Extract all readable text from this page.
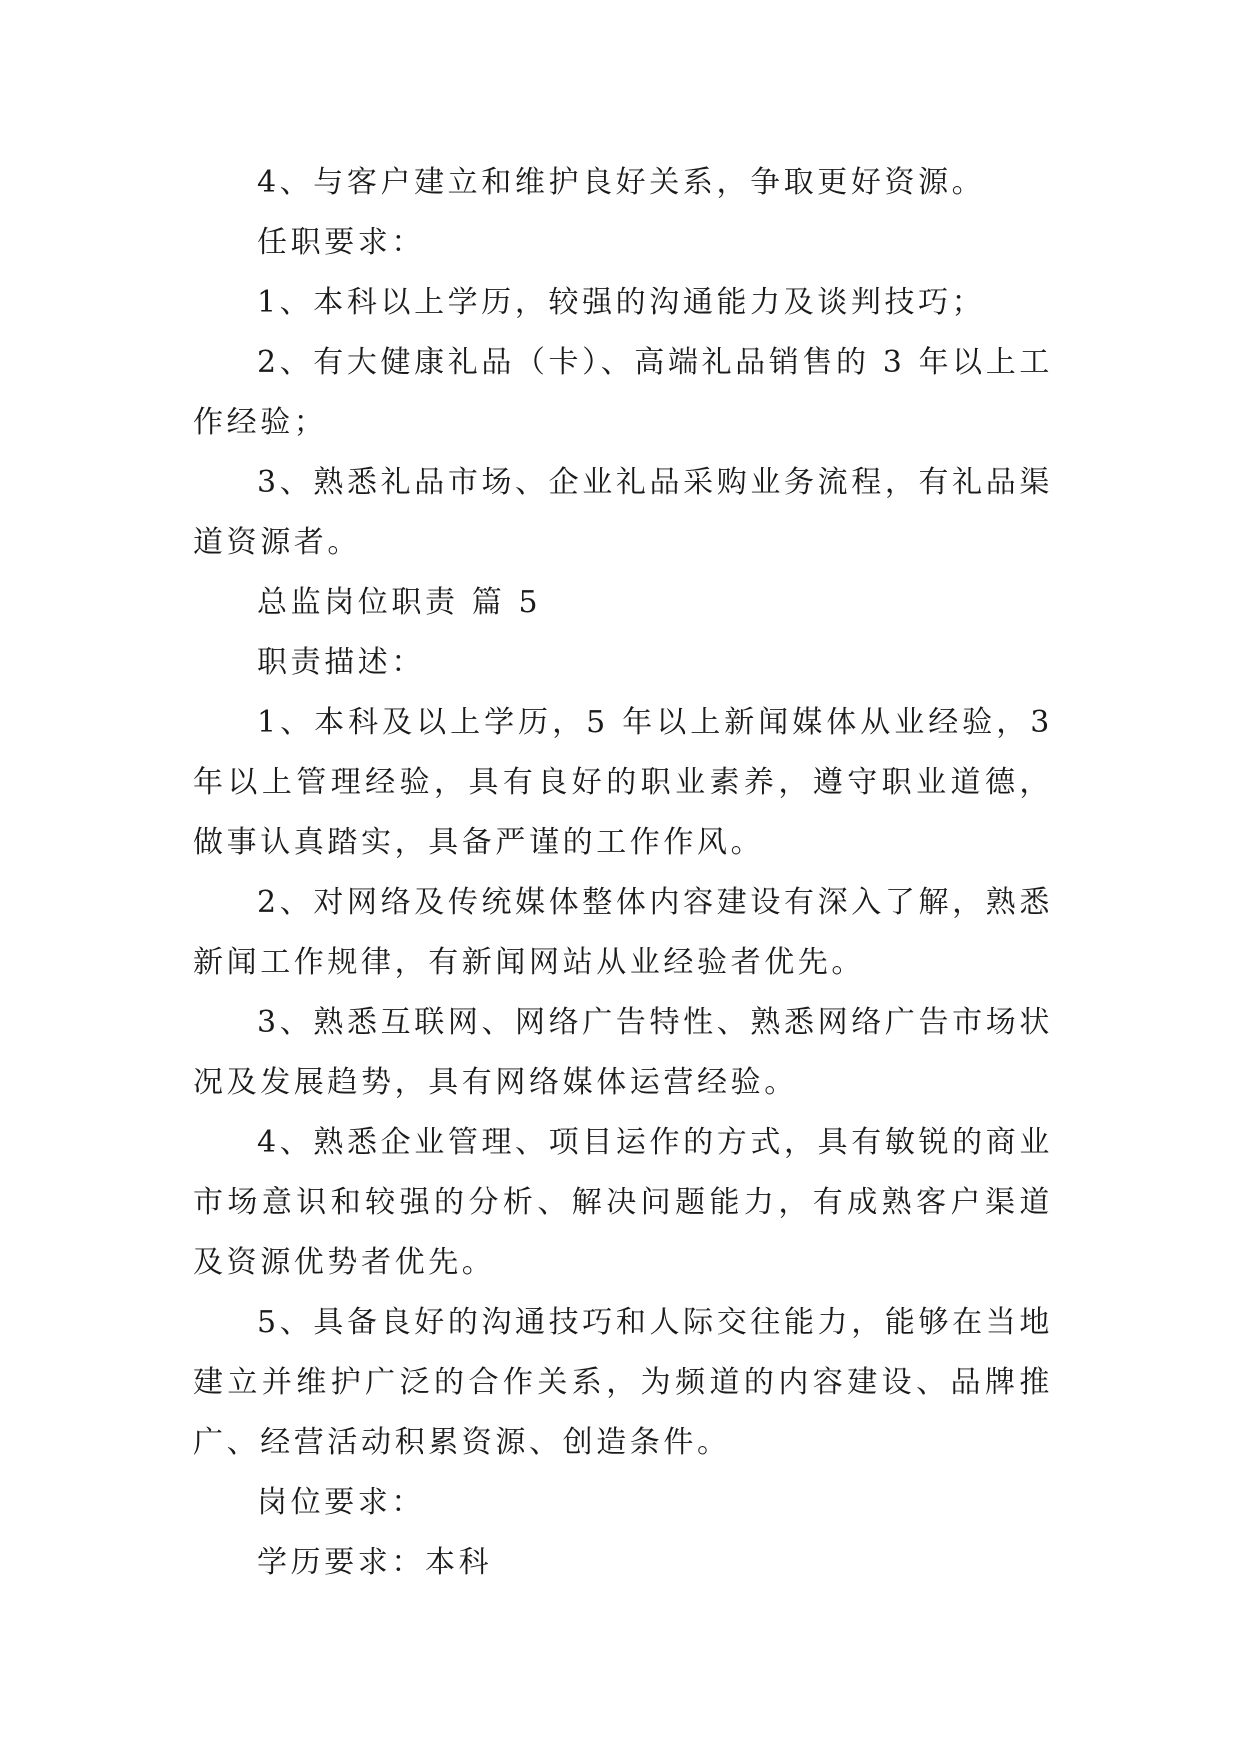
4、与客户建立和维护良好关系，争取更好资源。

任职要求：

1、本科以上学历，较强的沟通能力及谈判技巧；

2、有大健康礼品（卡）、高端礼品销售的 3 年以上工作经验；

3、熟悉礼品市场、企业礼品采购业务流程，有礼品渠道资源者。

总监岗位职责 篇 5

职责描述：

1、本科及以上学历，5 年以上新闻媒体从业经验，3 年以上管理经验，具有良好的职业素养，遵守职业道德，做事认真踏实，具备严谨的工作作风。

2、对网络及传统媒体整体内容建设有深入了解，熟悉新闻工作规律，有新闻网站从业经验者优先。

3、熟悉互联网、网络广告特性、熟悉网络广告市场状况及发展趋势，具有网络媒体运营经验。

4、熟悉企业管理、项目运作的方式，具有敏锐的商业市场意识和较强的分析、解决问题能力，有成熟客户渠道及资源优势者优先。

5、具备良好的沟通技巧和人际交往能力，能够在当地建立并维护广泛的合作关系，为频道的内容建设、品牌推广、经营活动积累资源、创造条件。

岗位要求：

学历要求：本科
